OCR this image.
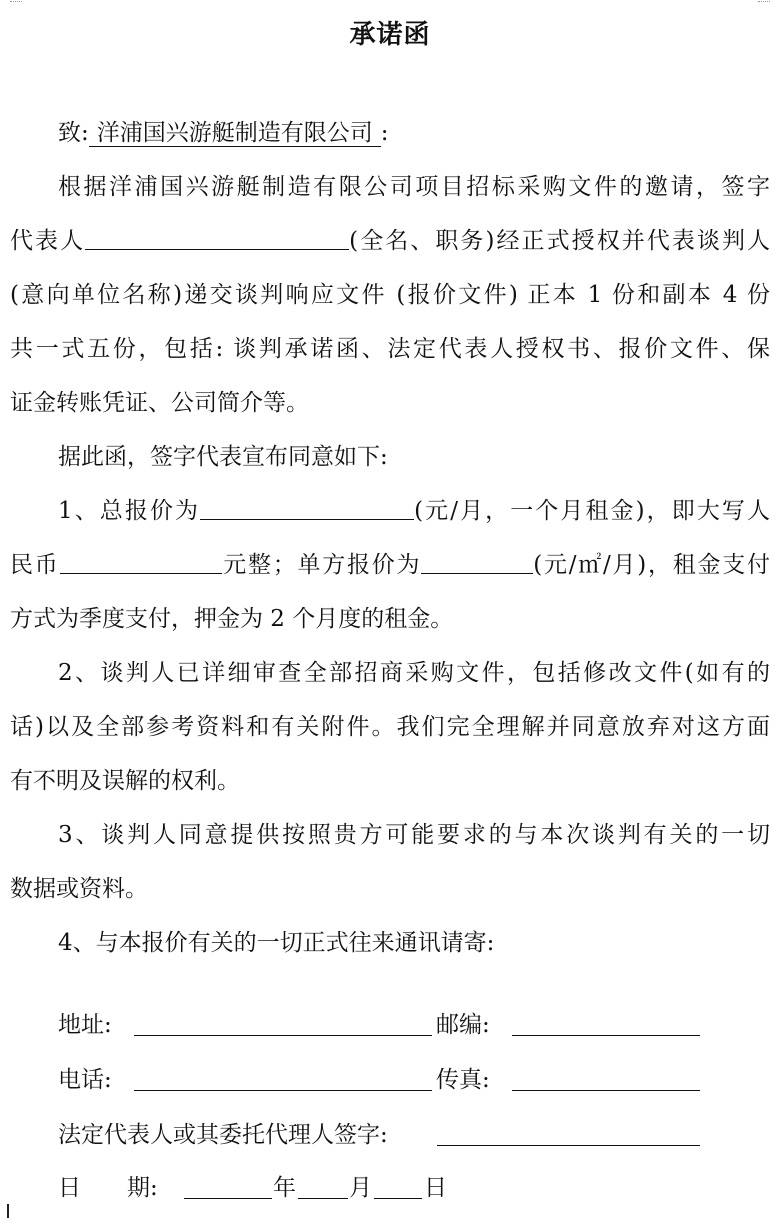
承诺函
致: 洋浦国兴游艇制造有限公司 :
根据洋浦国兴游艇制造有限公司项目招标采购文件的邀请，签字
代表人	(全名、职务)经正式授权并代表谈判人
(意向单位名称)递交谈判响应文件 (报价文件) 正本 1 份和副本 4 份
共一式五份，包括: 谈判承诺函、法定代表人授权书、报价文件、保
证金转账凭证、公司简介等。
据此函，签字代表宣布同意如下:
1、总报价为	(元/月，一个月租金)，即大写人
民币	元整；单方报价为	(元/㎡/月)，租金支付
方式为季度支付，押金为 2 个月度的租金。
2、谈判人已详细审查全部招商采购文件，包括修改文件(如有的
话)以及全部参考资料和有关附件。我们完全理解并同意放弃对这方面
有不明及误解的权利。
3、谈判人同意提供按照贵方可能要求的与本次谈判有关的一切
数据或资料。
4、与本报价有关的一切正式往来通讯请寄:
地址:	邮编:
电话:	传真:
法定代表人或其委托代理人签字:
日　　期:	年 月 日
